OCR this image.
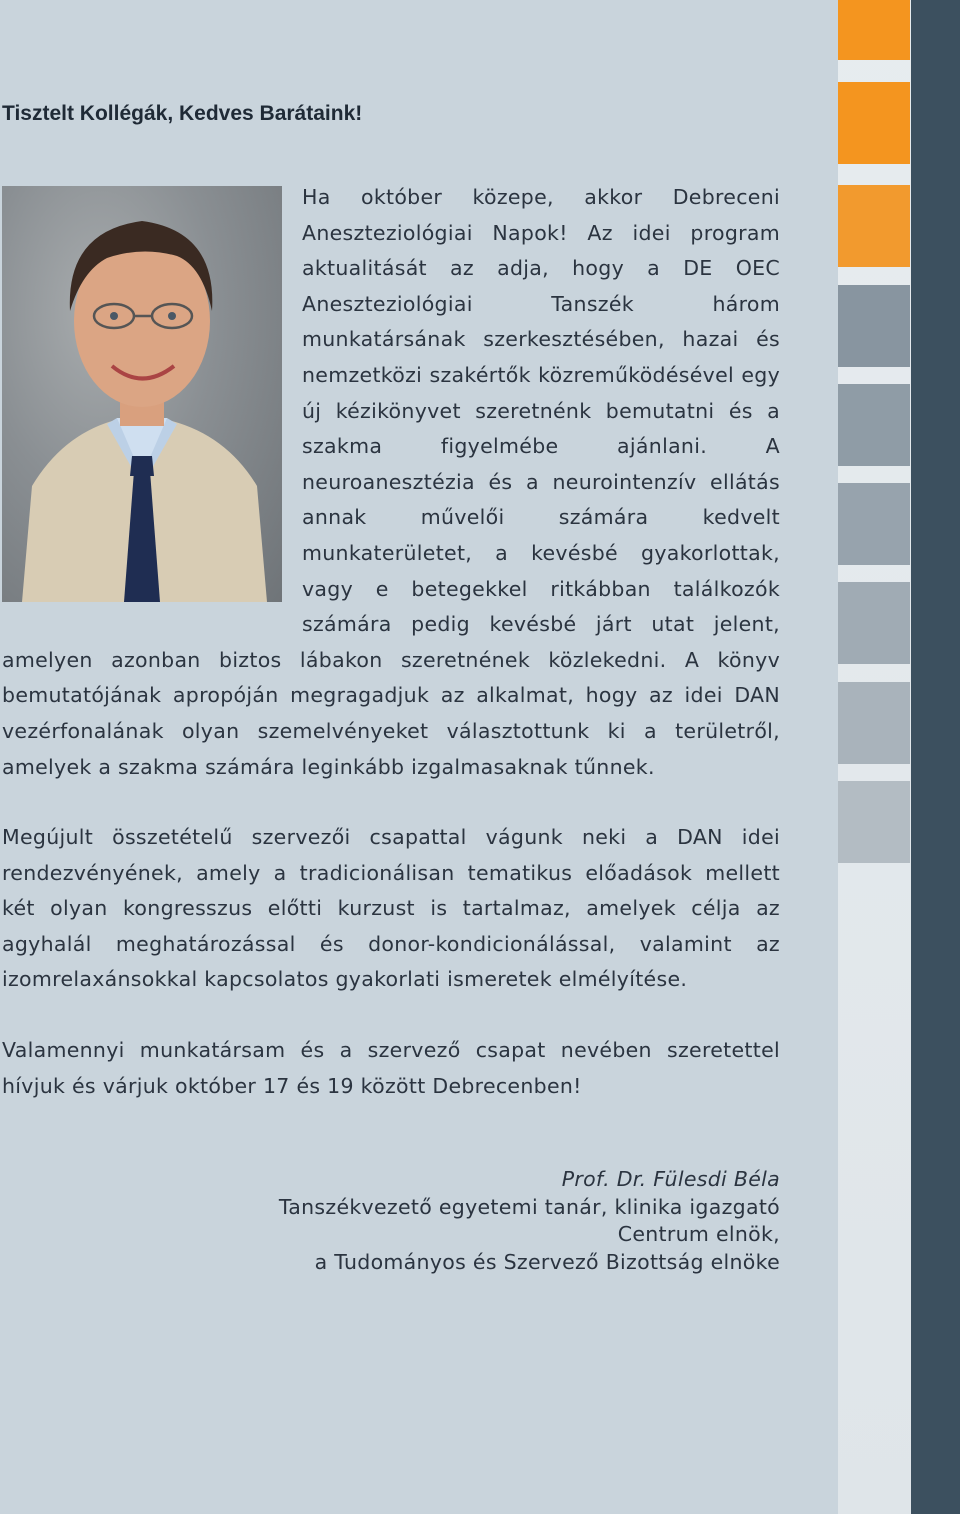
Tisztelt Kollégák, Kedves Barátaink!

Ha október közepe, akkor Debreceni Aneszteziológiai Napok! Az idei program aktualitását az adja, hogy a DE OEC Aneszteziológiai Tanszék három munkatársának szerkesztésében, hazai és nemzetközi szakértők közreműködésével egy új kézikönyvet szeretnénk bemutatni és a szakma figyelmébe ajánlani. A neuroanesztézia és a neurointenzív ellátás annak művelői számára kedvelt munkaterületet, a kevésbé gyakorlottak, vagy e betegekkel ritkábban találkozók számára pedig kevésbé járt utat jelent, amelyen azonban biztos lábakon szeretnének közlekedni. A könyv bemutatójának apropóján megragadjuk az alkalmat, hogy az idei DAN vezérfonalának olyan szemelvényeket választottunk ki a területről, amelyek a szakma számára leginkább izgalmasaknak tűnnek.

Megújult összetételű szervezői csapattal vágunk neki a DAN idei rendezvényének, amely a tradicionálisan tematikus előadások mellett két olyan kongresszus előtti kurzust is tartalmaz, amelyek célja az agyhalál meghatározással és donor-kondicionálással, valamint az izomrelaxánsokkal kapcsolatos gyakorlati ismeretek elmélyítése.

Valamennyi munkatársam és a szervező csapat nevében szeretettel hívjuk és várjuk október 17 és 19 között Debrecenben!

Prof. Dr. Fülesdi Béla
Tanszékvezető egyetemi tanár, klinika igazgató
Centrum elnök,
a Tudományos és Szervező Bizottság elnöke
